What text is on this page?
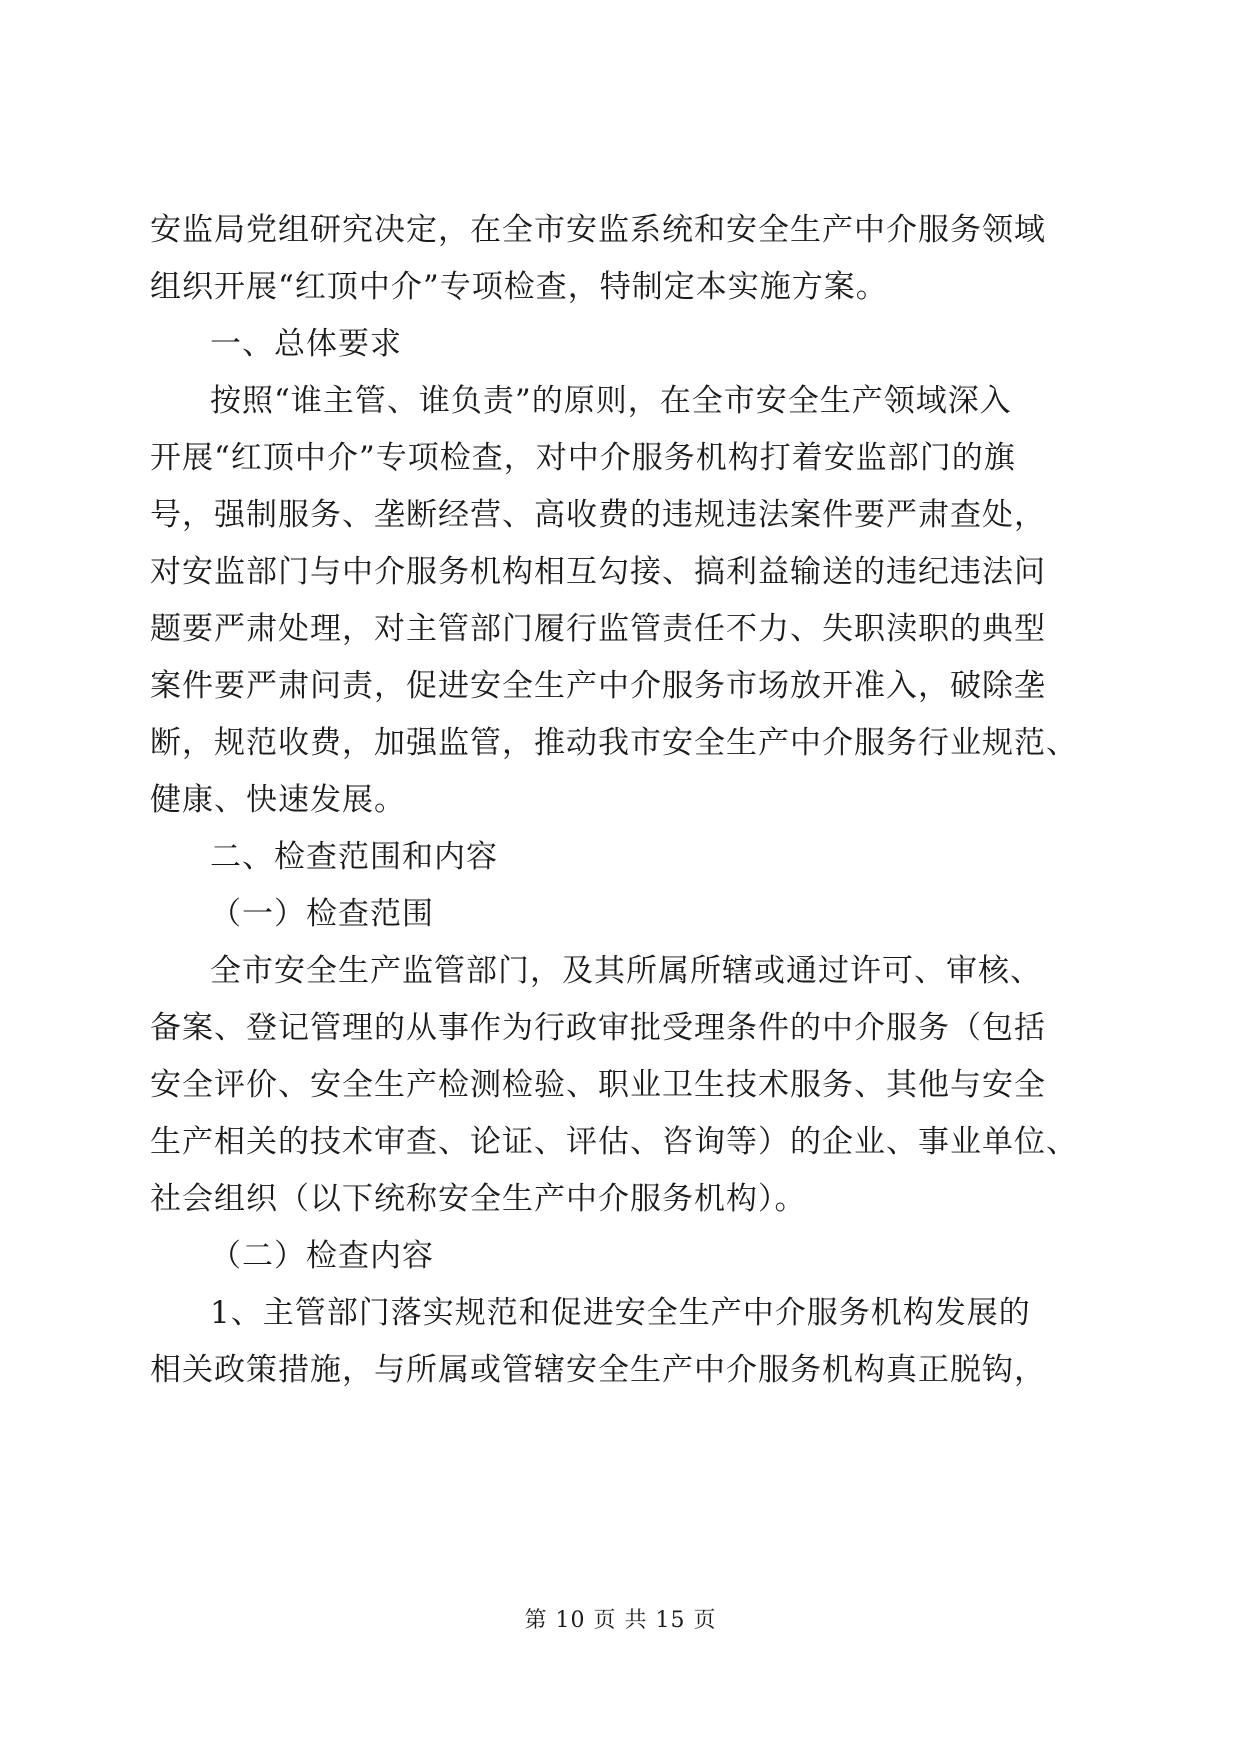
安监局党组研究决定，在全市安监系统和安全生产中介服务领域
组织开展“红顶中介”专项检查，特制定本实施方案。
一、总体要求
按照“谁主管、谁负责”的原则，在全市安全生产领域深入
开展“红顶中介”专项检查，对中介服务机构打着安监部门的旗
号，强制服务、垄断经营、高收费的违规违法案件要严肃查处，
对安监部门与中介服务机构相互勾接、搞利益输送的违纪违法问
题要严肃处理，对主管部门履行监管责任不力、失职渎职的典型
案件要严肃问责，促进安全生产中介服务市场放开准入，破除垄
断，规范收费，加强监管，推动我市安全生产中介服务行业规范、
健康、快速发展。
二、检查范围和内容
（一）检查范围
全市安全生产监管部门，及其所属所辖或通过许可、审核、
备案、登记管理的从事作为行政审批受理条件的中介服务（包括
安全评价、安全生产检测检验、职业卫生技术服务、其他与安全
生产相关的技术审查、论证、评估、咨询等）的企业、事业单位、
社会组织（以下统称安全生产中介服务机构）。
（二）检查内容
1、主管部门落实规范和促进安全生产中介服务机构发展的
相关政策措施，与所属或管辖安全生产中介服务机构真正脱钩，
第 10 页 共 15 页
